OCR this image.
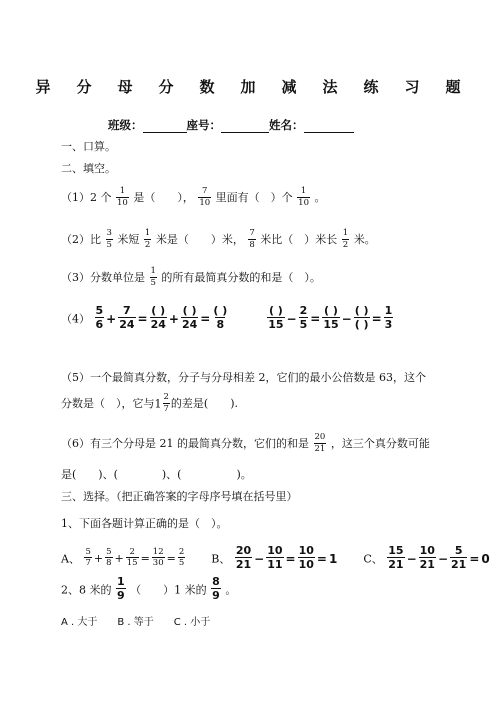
异分母分数加减法练习题
班级：	座号：	姓名：
一、口算。
二、填空。
（1）2 个 $\frac{1}{10}$ 是（　　）， $\frac{7}{10}$ 里面有（　）个 $\frac{1}{10}$ 。
（2）比 $\frac{3}{5}$ 米短 $\frac{1}{2}$ 米是（　　）米， $\frac{7}{8}$ 米比（　）米长 $\frac{1}{2}$ 米。
（3）分数单位是 $\frac{1}{5}$ 的所有最简真分数的和是（　）。
$(4) \frac{5}{6} + \frac{7}{24} = \frac{( )}{24} + \frac{( )}{24} = \frac{( )}{8}$
	$\frac{( )}{15} - \frac{2}{5} = \frac{( )}{15} - \frac{( )}{( )} = \frac{1}{3}$
（5）一个最简真分数，分子与分母相差 2，它们的最小公倍数是 63，这个
分数是（　），它与$1 \frac{2}{7}$ 的差是(　　).
（6）有三个分母是 21 的最简真分数，它们的和是 $\frac{20}{21}$ ，这三个真分数可能
是(　　)、(　　　　)、(　　　　　)。
三、选择。（把正确答案的字母序号填在括号里）
1、下面各题计算正确的是（　）。
A、 $\frac{5}{7} + \frac{5}{8} + \frac{2}{15} = \frac{12}{30} = \frac{2}{5}$ B、 $\frac{20}{21} - \frac{10}{11} = \frac{10}{10} = 1$ C、 $\frac{15}{21} - \frac{10}{21} - \frac{5}{21} = 0$
2、8 米的 $\frac{1}{9}$ （　　）1 米的 $\frac{8}{9}$ 。
A . 大于　　B . 等于　　C . 小于
